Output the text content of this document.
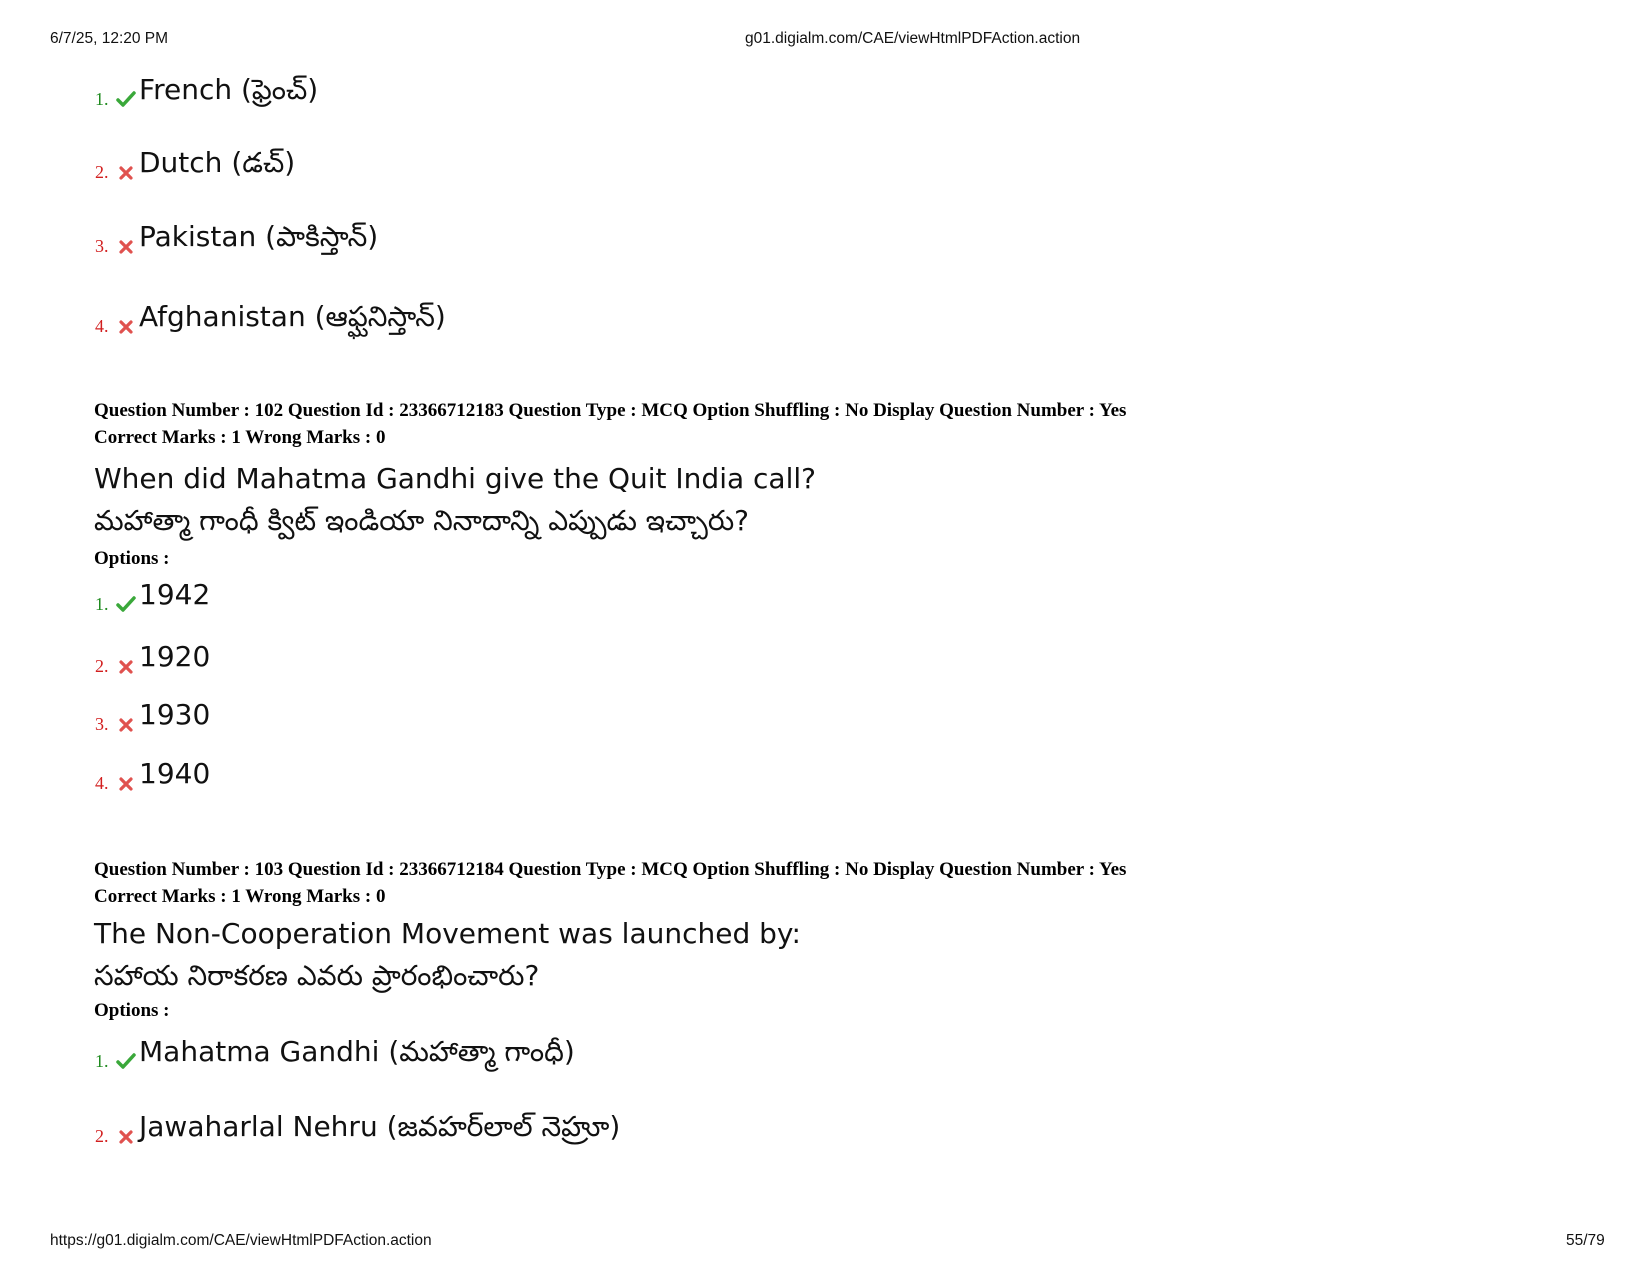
6/7/25, 12:20 PM	g01.digialm.com/CAE/viewHtmlPDFAction.action
1. French (ఫ్రెంచ్)
2. Dutch (డచ్)
3. Pakistan (పాకిస్తాన్)
4. Afghanistan (ఆఫ్ఘనిస్తాన్)
Question Number : 102 Question Id : 23366712183 Question Type : MCQ Option Shuffling : No Display Question Number : Yes
Correct Marks : 1 Wrong Marks : 0
When did Mahatma Gandhi give the Quit India call?
మహాత్మా గాంధీ క్విట్ ఇండియా నినాదాన్ని ఎప్పుడు ఇచ్చారు?
Options :
1. 1942
2. 1920
3. 1930
4. 1940
Question Number : 103 Question Id : 23366712184 Question Type : MCQ Option Shuffling : No Display Question Number : Yes
Correct Marks : 1 Wrong Marks : 0
The Non-Cooperation Movement was launched by:
సహాయ నిరాకరణ ఎవరు ప్రారంభించారు?
Options :
1. Mahatma Gandhi (మహాత్మా గాంధీ)
2. Jawaharlal Nehru (జవహర్‌లాల్ నెహ్రూ)
https://g01.digialm.com/CAE/viewHtmlPDFAction.action	55/79
